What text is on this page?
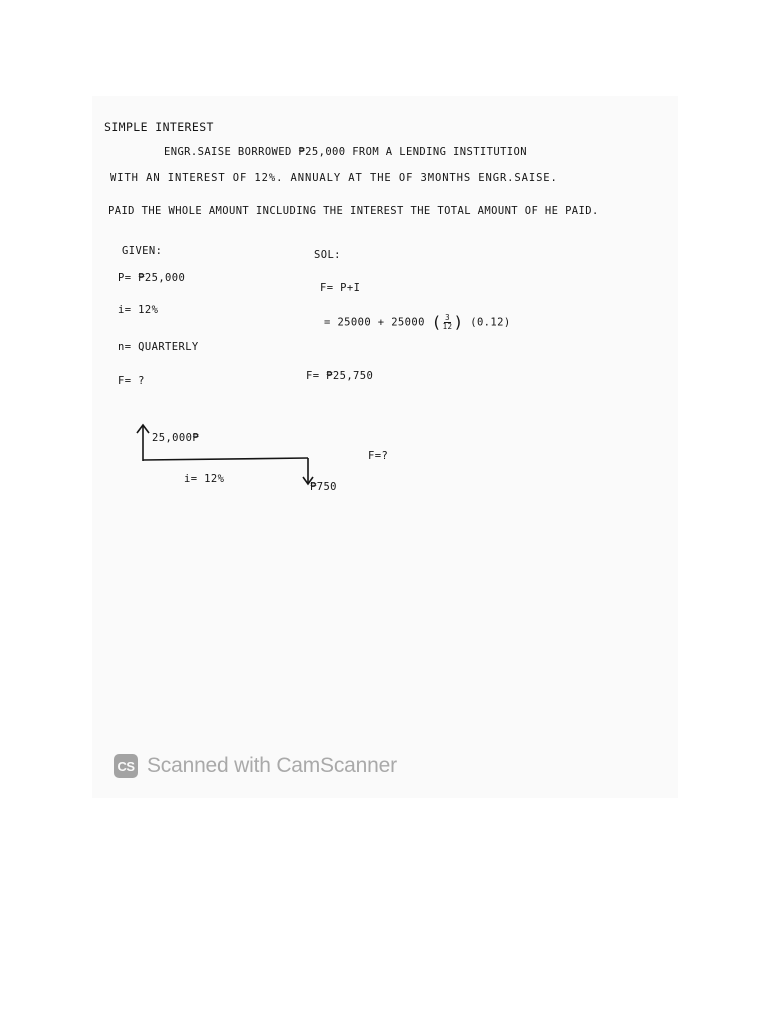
SIMPLE INTEREST
ENGR.SAISE BORROWED ₱25,000 FROM A LENDING INSTITUTION
WITH AN INTEREST OF 12%. ANNUALY AT THE OF 3MONTHS ENGR.SAISE.
PAID THE WHOLE AMOUNT INCLUDING THE INTEREST THE TOTAL AMOUNT OF HE PAID.
GIVEN:
P= ₱25,000
i= 12%
n= QUARTERLY
F= ?
SOL:
F= P+I
= 25000 + 25000 ( $\frac{3}{12}$ ) (0.12)
F= ₱25,750
25,000₱
i= 12%
₱750
F=?
CS Scanned with CamScanner
